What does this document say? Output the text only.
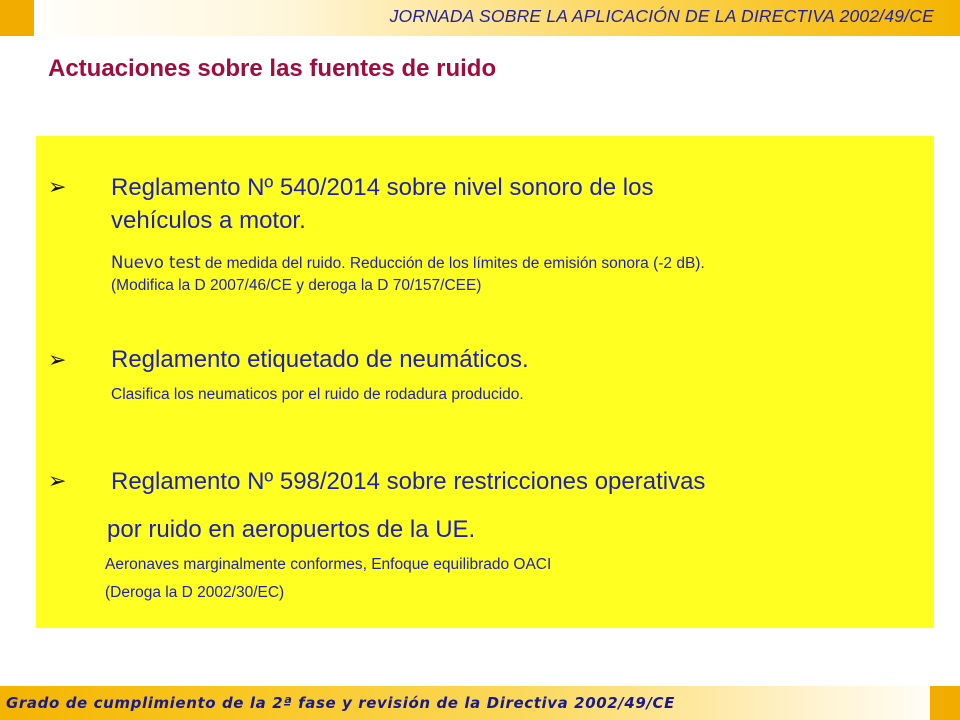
JORNADA SOBRE LA APLICACIÓN DE LA DIRECTIVA 2002/49/CE
Actuaciones sobre las fuentes de ruido
➢ Reglamento Nº 540/2014 sobre nivel sonoro de los
vehículos a motor.
Nuevo test de medida del ruido. Reducción de los límites de emisión sonora (-2 dB).
(Modifica la D 2007/46/CE y deroga la D 70/157/CEE)
➢ Reglamento etiquetado de neumáticos.
Clasifica los neumaticos por el ruido de rodadura producido.
➢ Reglamento Nº 598/2014 sobre restricciones operativas
por ruido en aeropuertos de la UE.
Aeronaves marginalmente conformes, Enfoque equilibrado OACI
(Deroga la D 2002/30/EC)
Grado de cumplimiento de la 2ª fase y revisión de la Directiva 2002/49/CE
